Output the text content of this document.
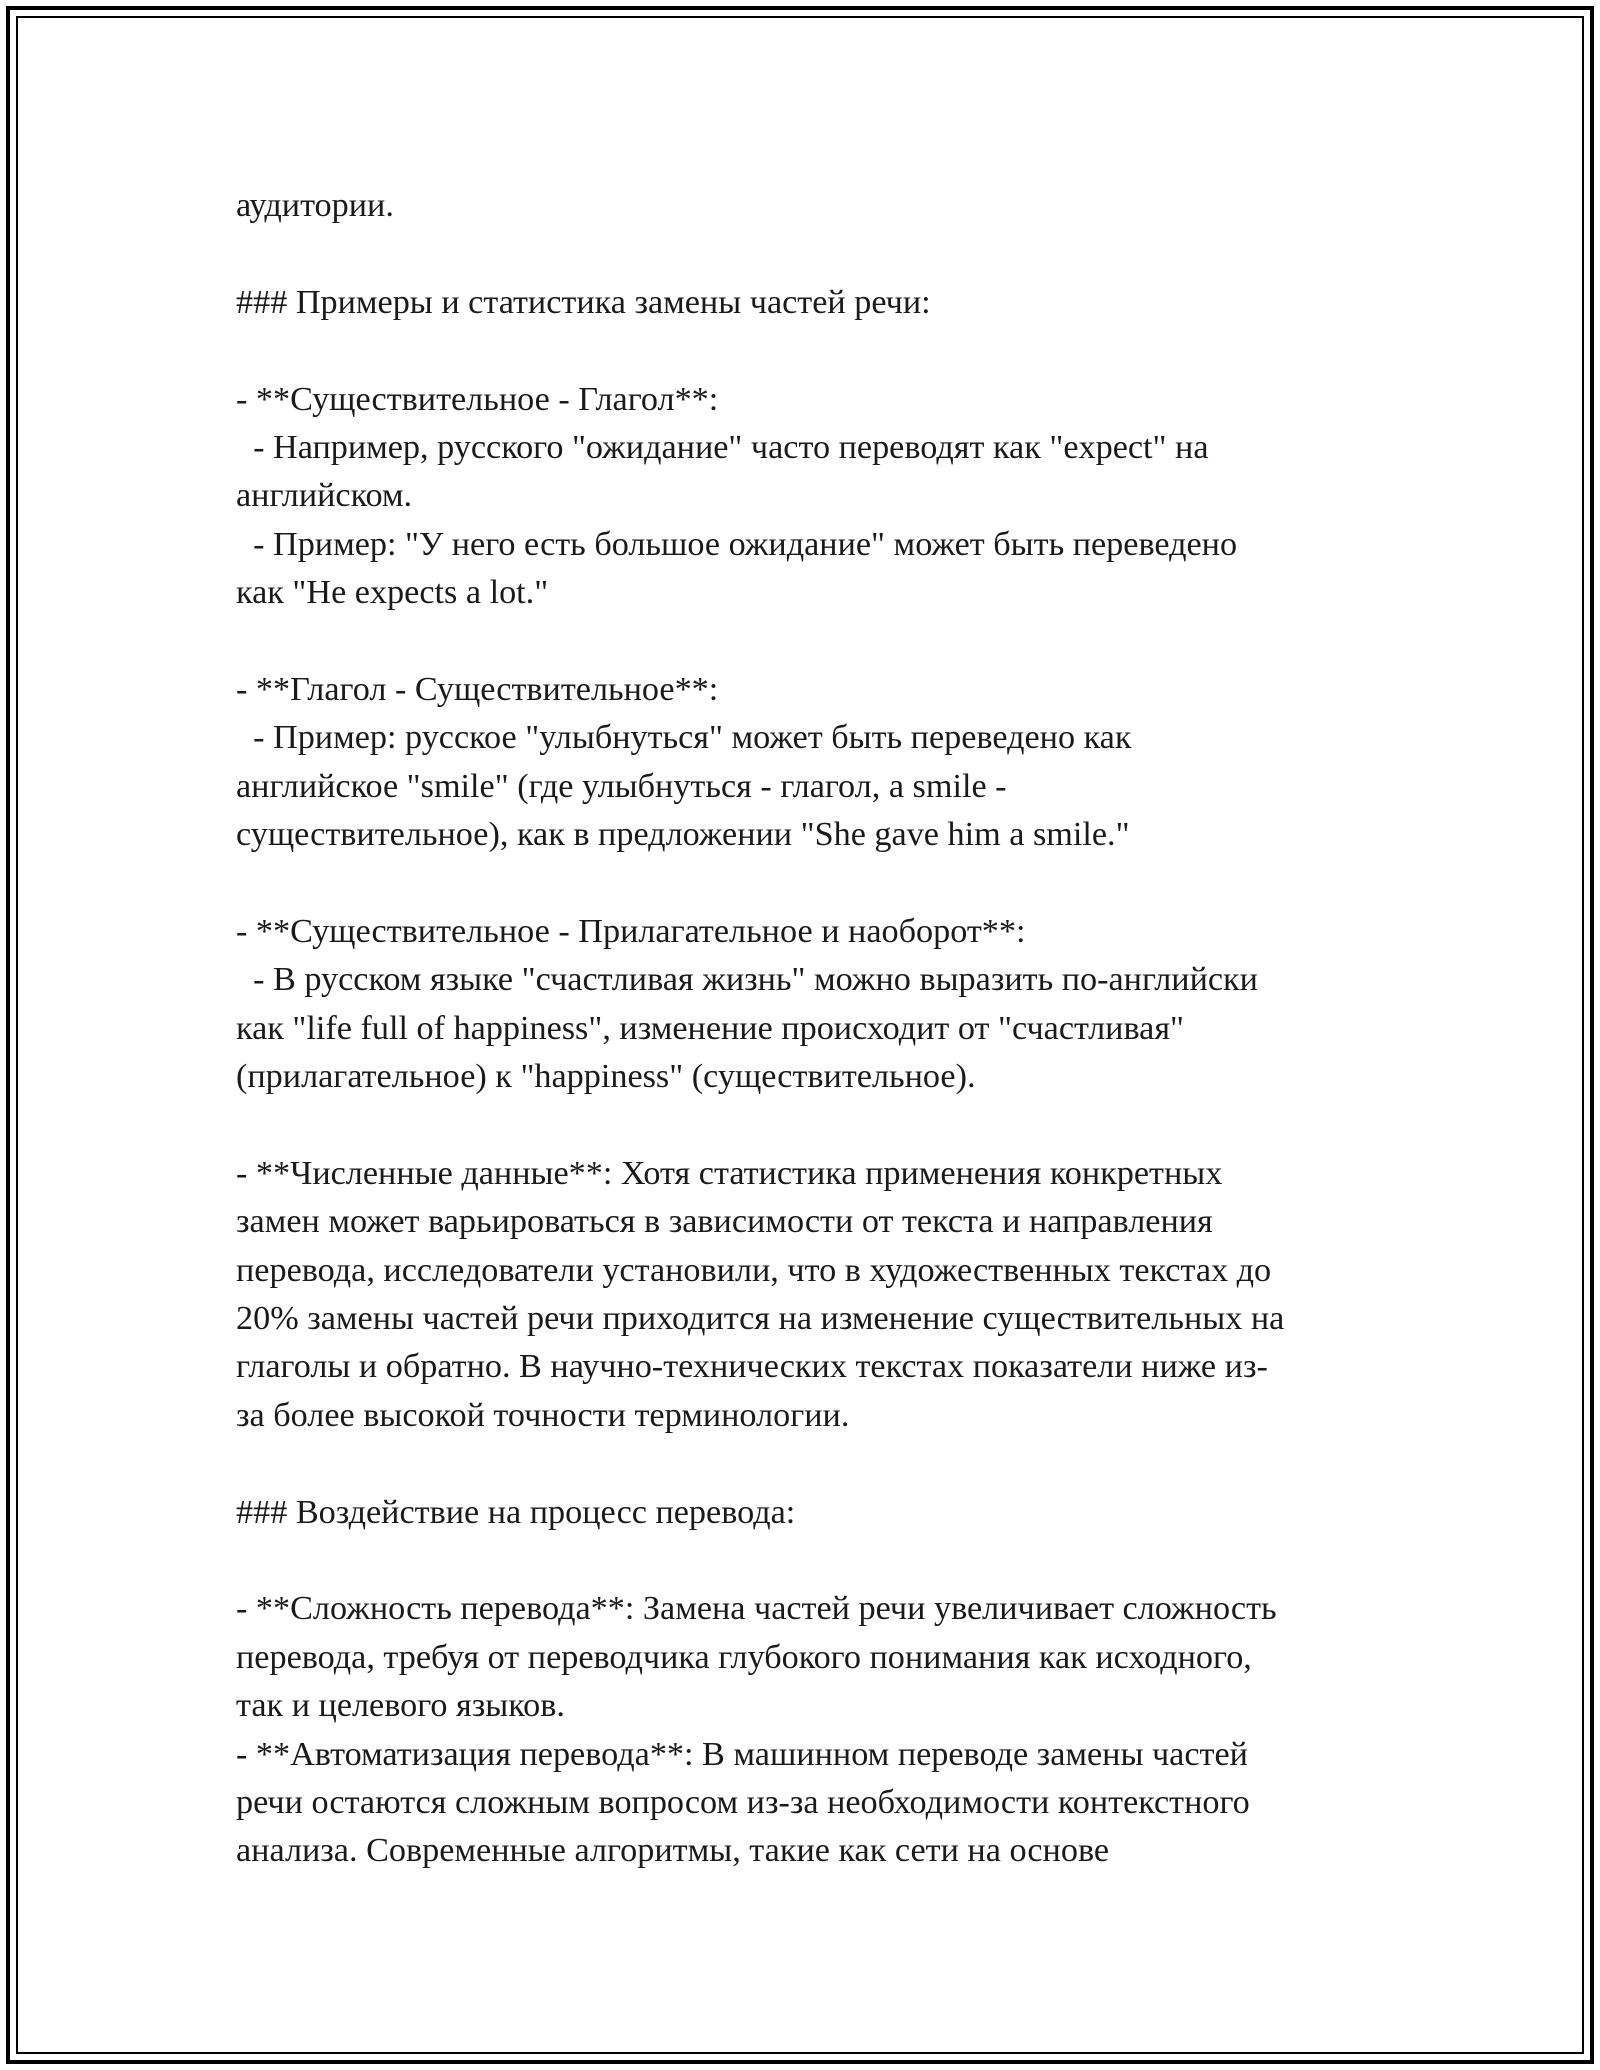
аудитории.
### Примеры и статистика замены частей речи:
- **Существительное - Глагол**:
- Например, русского "ожидание" часто переводят как "expect" на
английском.
- Пример: "У него есть большое ожидание" может быть переведено
как "He expects a lot."
- **Глагол - Существительное**:
- Пример: русское "улыбнуться" может быть переведено как
английское "smile" (где улыбнуться - глагол, а smile -
существительное), как в предложении "She gave him a smile."
- **Существительное - Прилагательное и наоборот**:
- В русском языке "счастливая жизнь" можно выразить по-английски
как "life full of happiness", изменение происходит от "счастливая"
(прилагательное) к "happiness" (существительное).
- **Численные данные**: Хотя статистика применения конкретных
замен может варьироваться в зависимости от текста и направления
перевода, исследователи установили, что в художественных текстах до
20% замены частей речи приходится на изменение существительных на
глаголы и обратно. В научно-технических текстах показатели ниже из-
за более высокой точности терминологии.
### Воздействие на процесс перевода:
- **Сложность перевода**: Замена частей речи увеличивает сложность
перевода, требуя от переводчика глубокого понимания как исходного,
так и целевого языков.
- **Автоматизация перевода**: В машинном переводе замены частей
речи остаются сложным вопросом из-за необходимости контекстного
анализа. Современные алгоритмы, такие как сети на основе
